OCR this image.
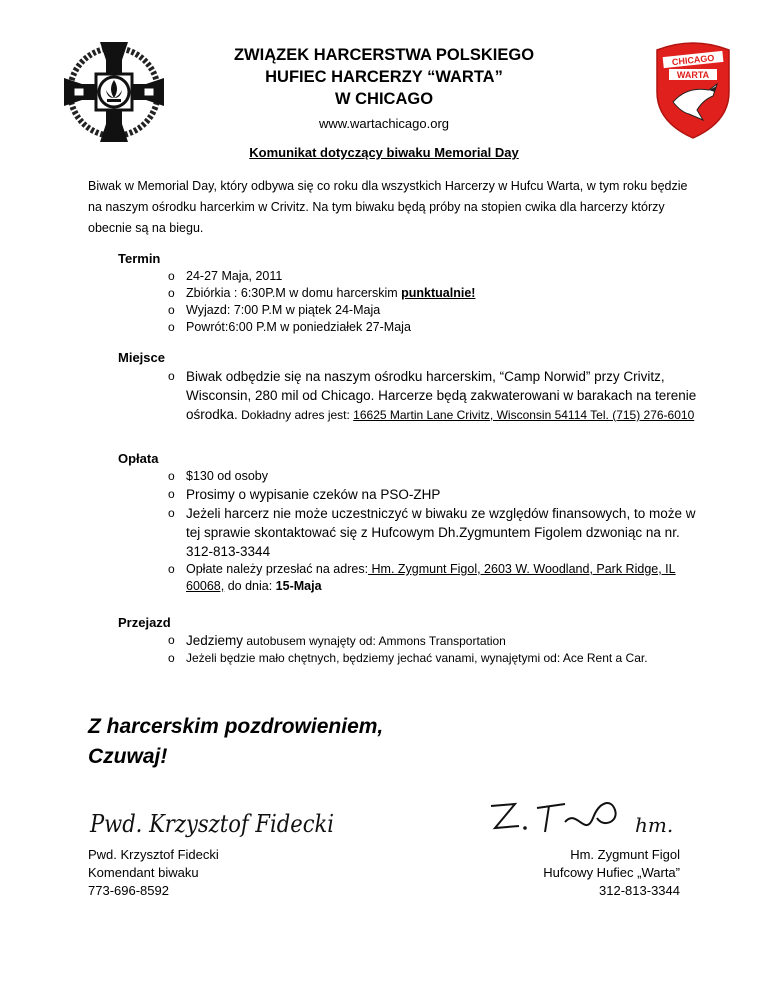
CHICAGO
WARTA
ZWIĄZEK HARCERSTWA POLSKIEGO
HUFIEC HARCERZY “WARTA”
W CHICAGO
www.wartachicago.org
Komunikat dotyczący biwaku Memorial Day
Biwak w Memorial Day, który odbywa się co roku dla wszystkich Harcerzy w Hufcu Warta, w tym roku będzie na naszym ośrodku harcerkim w Crivitz. Na tym biwaku będą próby na stopien cwika dla harcerzy którzy obecnie są na biegu.
Termin
o 24-27 Maja, 2011
o Zbiórkia : 6:30P.M w domu harcerskim punktualnie!
o Wyjazd: 7:00 P.M w piątek 24-Maja
o Powrót:6:00 P.M w poniedziałek 27-Maja
Miejsce
o Biwak odbędzie się na naszym ośrodku harcerskim, “Camp Norwid” przy Crivitz, Wisconsin, 280 mil od Chicago. Harcerze będą zakwaterowani w barakach na terenie ośrodka. Dokładny adres jest: 16625 Martin Lane Crivitz, Wisconsin 54114 Tel. (715) 276-6010
Opłata
o $130 od osoby
o Prosimy o wypisanie czeków na PSO-ZHP
o Jeżeli harcerz nie może uczestniczyć w biwaku ze względów finansowych, to może w tej sprawie skontaktować się z Hufcowym Dh.Zygmuntem Figolem dzwoniąc na nr. 312-813-3344
o Opłate należy przesłać na adres: Hm. Zygmunt Figol, 2603 W. Woodland, Park Ridge, IL 60068, do dnia: 15-Maja
Przejazd
o Jedziemy autobusem wynajęty od: Ammons Transportation
o Jeżeli będzie mało chętnych, będziemy jechać vanami, wynajętymi od: Ace Rent a Car.
Z harcerskim pozdrowieniem,
Czuwaj!
Pwd. Krzysztof Fidecki	hm.
Pwd. Krzysztof Fidecki
Komendant biwaku
773-696-8592
Hm. Zygmunt Figol
Hufcowy Hufiec „Warta”
312-813-3344
